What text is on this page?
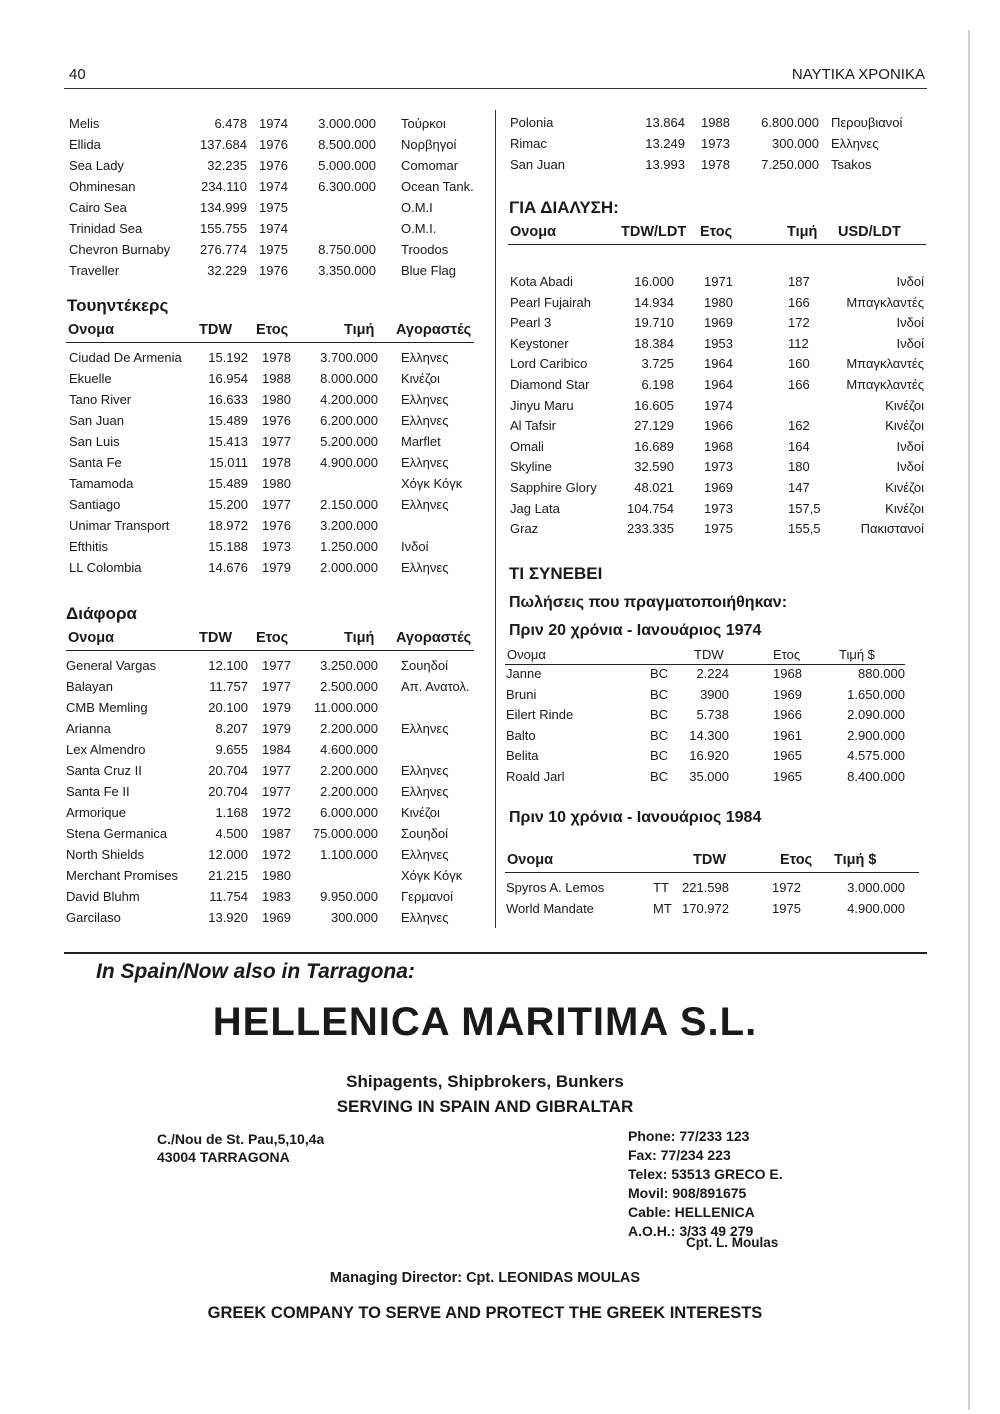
40	ΝΑΥΤΙΚΑ ΧΡΟΝΙΚΑ
Melis	6.478 1974 3.000.000 Τούρκοι
Ellida	137.684 1976 8.500.000 Νορβηγοί
Sea Lady	32.235 1976 5.000.000 Comomar
Ohminesan	234.110 1974 6.300.000 Ocean Tank.
Cairo Sea	134.999 1975	O.M.I
Trinidad Sea	155.755 1974	O.M.I.
Chevron Burnaby 276.774 1975 8.750.000 Troodos
Traveller	32.229 1976 3.350.000 Blue Flag
Τουηντέκερς
Ονομα	TDW Ετος	Τιμή Αγοραστές
Ciudad De Armenia 15.192 1978 3.700.000 Ελληνες
Ekuelle	16.954 1988 8.000.000 Κινέζοι
Tano River	16.633 1980 4.200.000 Ελληνες
San Juan	15.489 1976 6.200.000 Ελληνες
San Luis	15.413 1977 5.200.000 Marflet
Santa Fe	15.011 1978 4.900.000 Ελληνες
Tamamoda	15.489 1980	Χόγκ Κόγκ
Santiago	15.200 1977 2.150.000 Ελληνες
Unimar Transport	18.972 1976 3.200.000
Efthitis	15.188 1973 1.250.000 Ινδοί
LL Colombia	14.676 1979 2.000.000 Ελληνες
Διάφορα
Ονομα	TDW Ετος	Τιμή Αγοραστές
General Vargas	12.100 1977 3.250.000 Σουηδοί
Balayan	11.757 1977 2.500.000 Απ. Ανατολ.
CMB Memling	20.100 1979 11.000.000
Arianna	8.207 1979 2.200.000 Ελληνες
Lex Almendro	9.655 1984 4.600.000
Santa Cruz II	20.704 1977 2.200.000 Ελληνες
Santa Fe II	20.704 1977 2.200.000 Ελληνες
Armorique	1.168 1972 6.000.000 Κινέζοι
Stena Germanica	4.500 1987 75.000.000 Σουηδοί
North Shields	12.000 1972 1.100.000 Ελληνες
Merchant Promises 21.215 1980	Χόγκ Κόγκ
David Bluhm	11.754 1983 9.950.000 Γερμανοί
Garcilaso	13.920 1969	300.000 Ελληνες
Polonia	13.864 1988 6.800.000 Περουβιανοί
Rimac	13.249 1973	300.000 Ελληνες
San Juan	13.993 1978 7.250.000 Tsakos
ΓΙΑ ΔΙΑΛΥΣΗ:
Ονομα	TDW/LDT Ετος	Τιμή USD/LDT
Kota Abadi	16.000 1971	187	Ινδοί
Pearl Fujairah	14.934 1980	166	Μπαγκλαντές
Pearl 3	19.710 1969	172	Ινδοί
Keystoner	18.384 1953	112	Ινδοί
Lord Caribico	3.725 1964	160	Μπαγκλαντές
Diamond Star	6.198 1964	166	Μπαγκλαντές
Jinyu Maru	16.605 1974	Κινέζοι
Al Tafsir	27.129 1966	162	Κινέζοι
Omali	16.689 1968	164	Ινδοί
Skyline	32.590 1973	180	Ινδοί
Sapphire Glory	48.021 1969	147	Κινέζοι
Jag Lata	104.754 1973	157,5	Κινέζοι
Graz	233.335 1975	155,5	Πακιστανοί
ΤΙ ΣΥΝΕΒΕΙ
Πωλήσεις που πραγματοποιήθηκαν:
Πριν 20 χρόνια - Ιανουάριος 1974
Ονομα	TDW	Ετος	Τιμή $
Janne	BC 2.224	1968	880.000
Bruni	BC 3900	1969	1.650.000
Eilert Rinde	BC 5.738	1966	2.090.000
Balto	BC 14.300	1961	2.900.000
Belita	BC 16.920	1965	4.575.000
Roald Jarl	BC 35.000	1965	8.400.000
Πριν 10 χρόνια - Ιανουάριος 1984
Ονομα	TDW	Ετος Τιμή $
Spyros A. Lemos	TT 221.598	1972	3.000.000
World Mandate	MT 170.972	1975	4.900.000
In Spain/Now also in Tarragona:
HELLENICA MARITIMA S.L.
Shipagents, Shipbrokers, Bunkers
SERVING IN SPAIN AND GIBRALTAR
C./Nou de St. Pau,5,10,4a
43004 TARRAGONA
Phone: 77/233 123
Fax: 77/234 223
Telex: 53513 GRECO E.
Movil: 908/891675
Cable: HELLENICA
A.O.H.: 3/33 49 279
Cpt. L. Moulas
Managing Director: Cpt. LEONIDAS MOULAS
GREEK COMPANY TO SERVE AND PROTECT THE GREEK INTERESTS
